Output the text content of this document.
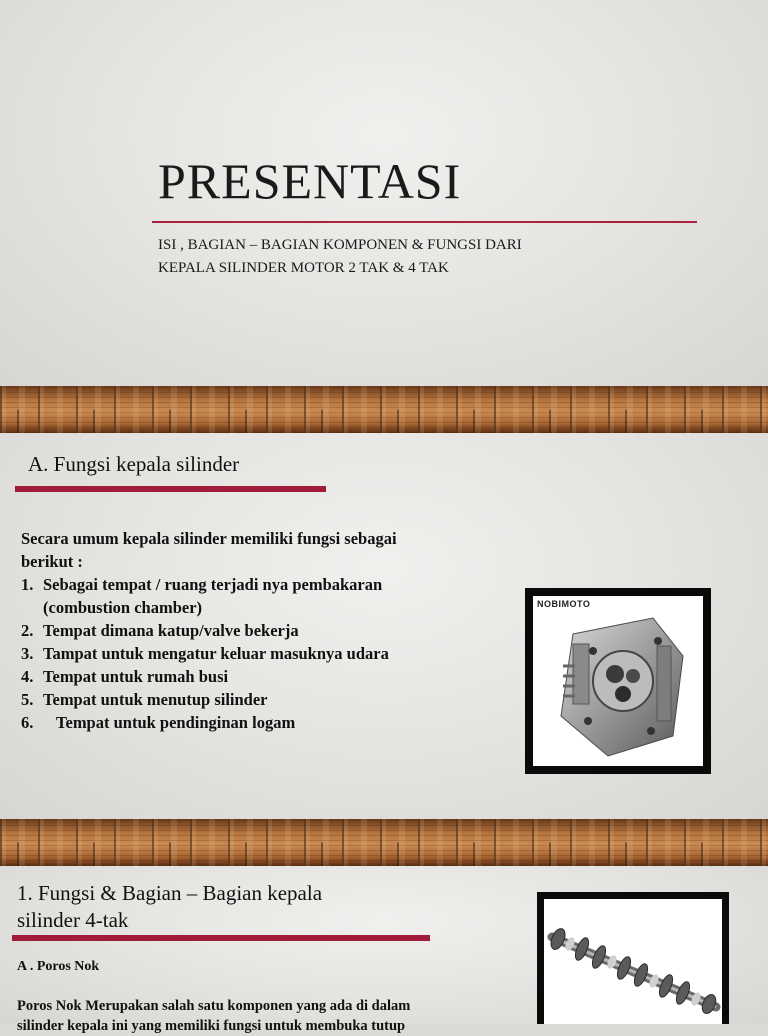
PRESENTASI
ISI , BAGIAN – BAGIAN KOMPONEN & FUNGSI DARI
KEPALA SILINDER MOTOR 2 TAK & 4 TAK
A. Fungsi kepala silinder
Secara umum kepala silinder memiliki fungsi sebagai
berikut :
1. Sebagai tempat / ruang terjadi nya pembakaran
(combustion chamber)
2. Tempat dimana katup/valve bekerja
3. Tampat untuk mengatur keluar masuknya udara
4. Tempat untuk rumah busi
5. Tempat untuk menutup silinder
6. Tempat untuk pendinginan logam
NOBIMOTO
1. Fungsi & Bagian – Bagian kepala
silinder 4-tak
A . Poros Nok
Poros Nok Merupakan salah satu komponen yang ada di dalam
silinder kepala ini yang memiliki fungsi untuk membuka tutup
